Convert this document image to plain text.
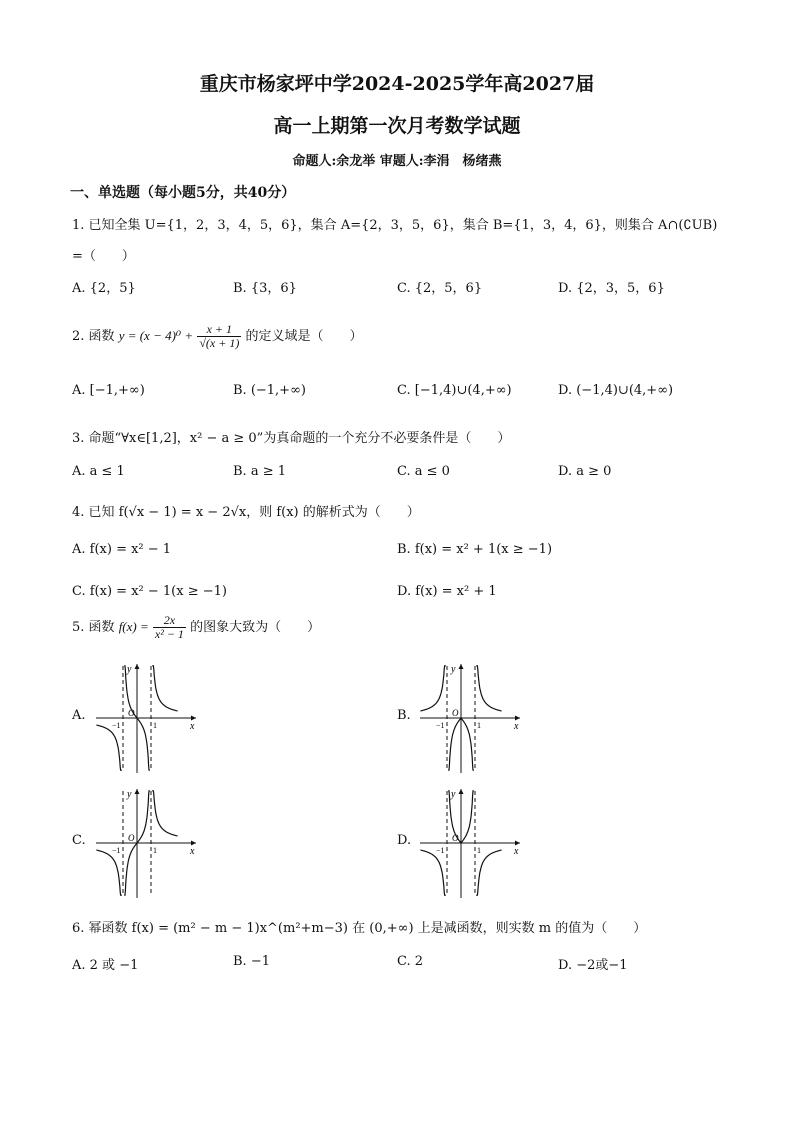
重庆市杨家坪中学2024-2025学年高2027届
高一上期第一次月考数学试题
命题人:余龙举 审题人:李涓　杨绪燕
一、单选题（每小题5分，共40分）
1. 已知全集 U={1，2，3，4，5，6}，集合 A={2，3，5，6}，集合 B={1，3，4，6}，则集合 A∩(∁UB)
=（　　）
A. {2，5}	B. {3，6}	C. {2，5，6}	D. {2，3，5，6}
2. 函数 $y = (x - 4)^0 + \frac{x + 1}{√(x + 1)}$ 的定义域是（　　）
A. [−1,+∞)	B. (−1,+∞)	C. [−1,4)∪(4,+∞)	D. (−1,4)∪(4,+∞)
3. 命题“∀x∈[1,2]，x² − a ≥ 0”为真命题的一个充分不必要条件是（　　）
A. a ≤ 1	B. a ≥ 1	C. a ≤ 0	D. a ≥ 0
4. 已知 f(√x − 1) = x − 2√x，则 f(x) 的解析式为（　　）
A. f(x) = x² − 1	B. f(x) = x² + 1(x ≥ −1)
C. f(x) = x² − 1(x ≥ −1)	D. f(x) = x² + 1
5. 函数 $f(x) = \frac{2x}{\text{x² − 1}}$ 的图象大致为（　　）
A.	B.
C.	D.
y
x
O
−1	1
y
x
O
−1	1
y
x
O
−1	1
y
x
O
−1	1
6. 幂函数 f(x) = (m² − m − 1)x^(m²+m−3) 在 (0,+∞) 上是减函数，则实数 m 的值为（　　）
A. 2 或 −1	B. −1	C. 2	D. −2或−1
